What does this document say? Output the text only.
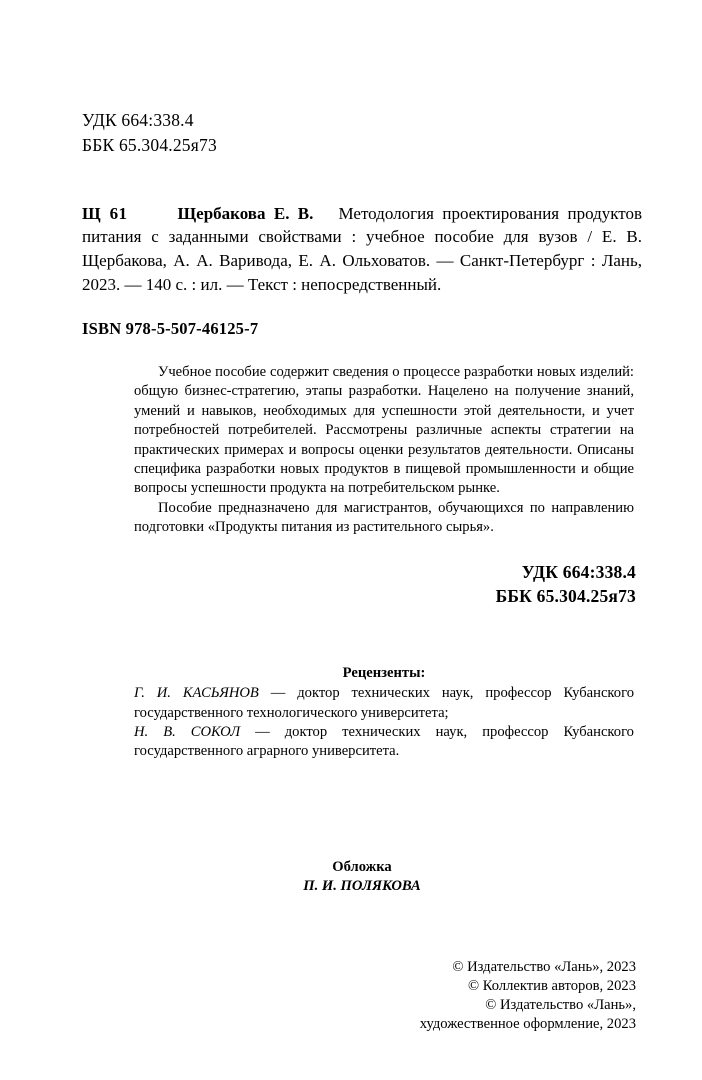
УДК 664:338.4
ББК 65.304.25я73
Щ 61	Щербакова Е. В. Методология проектирования продуктов питания с заданными свойствами : учебное пособие для вузов / Е. В. Щербакова, А. А. Варивода, Е. А. Ольховатов. — Санкт-Петербург : Лань, 2023. — 140 с. : ил. — Текст : непосредственный.
ISBN 978-5-507-46125-7

Учебное пособие содержит сведения о процессе разработки новых изделий: общую бизнес-стратегию, этапы разработки. Нацелено на получение знаний, умений и навыков, необходимых для успешности этой деятельности, и учет потребностей потребителей. Рассмотрены различные аспекты стратегии на практических примерах и вопросы оценки результатов деятельности. Описаны специфика разработки новых продуктов в пищевой промышленности и общие вопросы успешности продукта на потребительском рынке.

Пособие предназначено для магистрантов, обучающихся по направлению подготовки «Продукты питания из растительного сырья».

УДК 664:338.4
ББК 65.304.25я73
Рецензенты:
Г. И. КАСЬЯНОВ — доктор технических наук, профессор Кубанского государственного технологического университета;
Н. В. СОКОЛ — доктор технических наук, профессор Кубанского государственного аграрного университета.
Обложка
П. И. ПОЛЯКОВА
© Издательство «Лань», 2023
© Коллектив авторов, 2023
© Издательство «Лань»,
художественное оформление, 2023
